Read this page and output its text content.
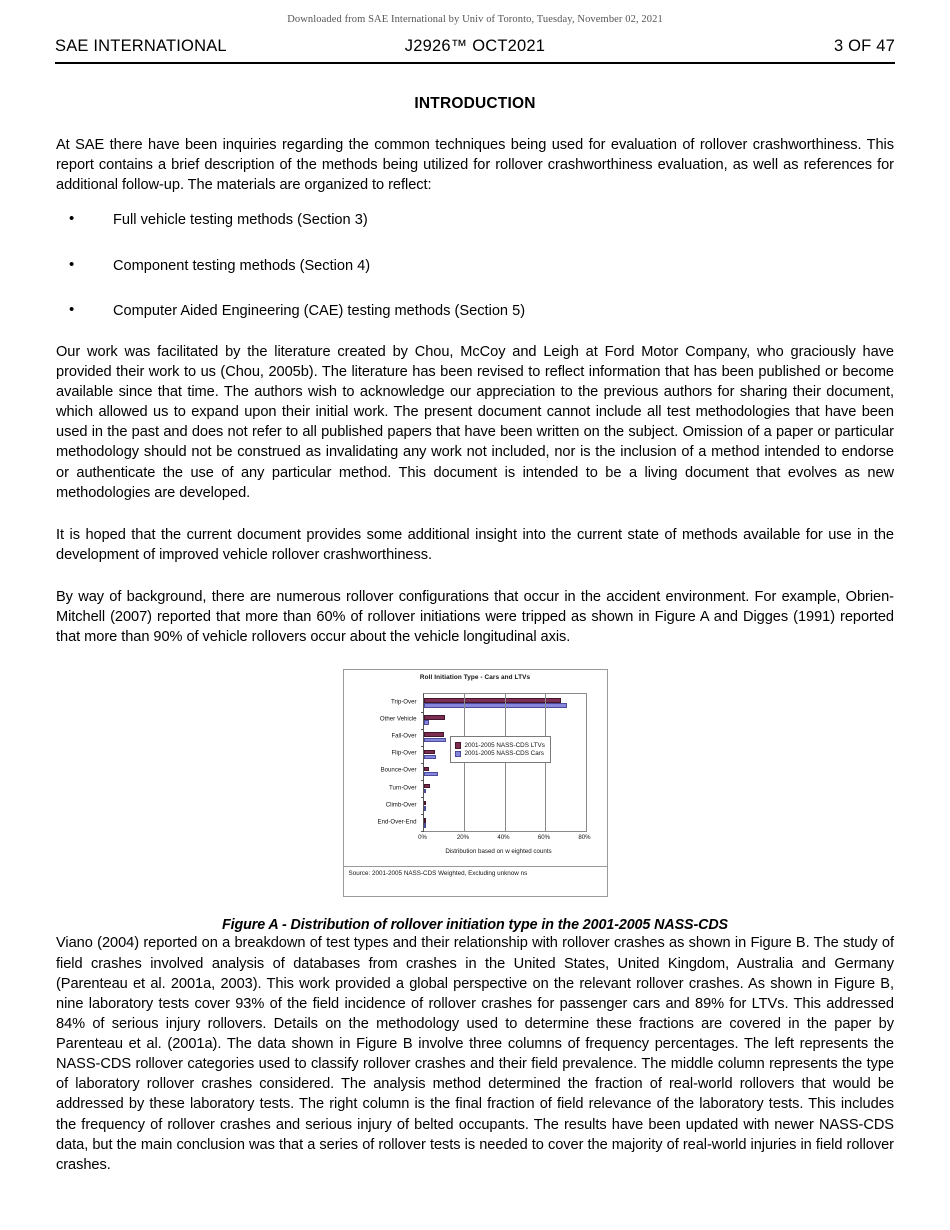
Downloaded from SAE International by Univ of Toronto, Tuesday, November 02, 2021
SAE INTERNATIONAL	J2926™ OCT2021	3 OF 47
INTRODUCTION

At SAE there have been inquiries regarding the common techniques being used for evaluation of rollover crashworthiness. This report contains a brief description of the methods being utilized for rollover crashworthiness evaluation, as well as references for additional follow-up. The materials are organized to reflect:

•	Full vehicle testing methods (Section 3)
•	Component testing methods (Section 4)
•	Computer Aided Engineering (CAE) testing methods (Section 5)

Our work was facilitated by the literature created by Chou, McCoy and Leigh at Ford Motor Company, who graciously have provided their work to us (Chou, 2005b). The literature has been revised to reflect information that has been published or become available since that time. The authors wish to acknowledge our appreciation to the previous authors for sharing their document, which allowed us to expand upon their initial work. The present document cannot include all test methodologies that have been used in the past and does not refer to all published papers that have been written on the subject. Omission of a paper or particular methodology should not be construed as invalidating any work not included, nor is the inclusion of a method intended to endorse or authenticate the use of any particular method. This document is intended to be a living document that evolves as new methodologies are developed.

It is hoped that the current document provides some additional insight into the current state of methods available for use in the development of improved vehicle rollover crashworthiness.

By way of background, there are numerous rollover configurations that occur in the accident environment. For example, Obrien-Mitchell (2007) reported that more than 60% of rollover initiations were tripped as shown in Figure A and Digges (1991) reported that more than 90% of vehicle rollovers occur about the vehicle longitudinal axis.

Roll Initiation Type - Cars and LTVs
Trip-Over
Other Vehicle
Fall-Over
Flip-Over
Bounce-Over
Turn-Over
Climb-Over
End-Over-End
0%	20%	40%	60%	80%
Distribution based on w eighted counts
2001-2005 NASS-CDS LTVs
2001-2005 NASS-CDS Cars
Source: 2001-2005 NASS-CDS Weighted, Excluding unknow ns
Figure A - Distribution of rollover initiation type in the 2001-2005 NASS-CDS

Viano (2004) reported on a breakdown of test types and their relationship with rollover crashes as shown in Figure B. The study of field crashes involved analysis of databases from crashes in the United States, United Kingdom, Australia and Germany (Parenteau et al. 2001a, 2003). This work provided a global perspective on the relevant rollover crashes. As shown in Figure B, nine laboratory tests cover 93% of the field incidence of rollover crashes for passenger cars and 89% for LTVs. This addressed 84% of serious injury rollovers. Details on the methodology used to determine these fractions are covered in the paper by Parenteau et al. (2001a). The data shown in Figure B involve three columns of frequency percentages. The left represents the NASS-CDS rollover categories used to classify rollover crashes and their field prevalence. The middle column represents the type of laboratory rollover crashes considered. The analysis method determined the fraction of real-world rollovers that would be addressed by these laboratory tests. The right column is the final fraction of field relevance of the laboratory tests. This includes the frequency of rollover crashes and serious injury of belted occupants. The results have been updated with newer NASS-CDS data, but the main conclusion was that a series of rollover tests is needed to cover the majority of real-world injuries in field rollover crashes.
